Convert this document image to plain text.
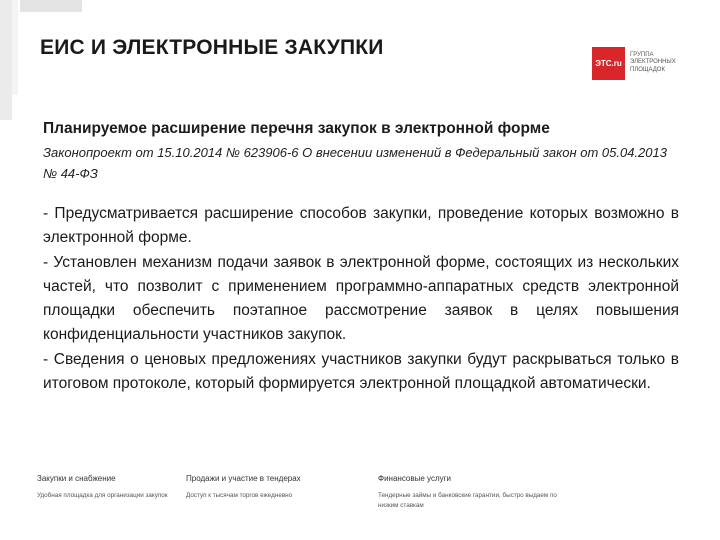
ЕИС И ЭЛЕКТРОННЫЕ ЗАКУПКИ
ЭТС.ru
ГРУППА ЭЛЕКТРОННЫХ ПЛОЩАДОК
Планируемое расширение перечня закупок в электронной форме
Законопроект от 15.10.2014 № 623906-6 О внесении изменений в Федеральный закон от 05.04.2013 № 44-ФЗ

- Предусматривается расширение способов закупки, проведение которых возможно в электронной форме.

- Установлен механизм подачи заявок в электронной форме, состоящих из нескольких частей, что позволит с применением программно-аппаратных средств электронной площадки обеспечить поэтапное рассмотрение заявок в целях повышения конфиденциальности участников закупок.

- Сведения о ценовых предложениях участников закупки будут раскрываться только в итоговом протоколе, который формируется электронной площадкой автоматически.

Закупки и снабжение
Удобная площадка для организации закупок
Продажи и участие в тендерах
Доступ к тысячам торгов ежедневно
Финансовые услуги
Тендерные займы и банковские гарантии, быстро выдаем по низким ставкам
